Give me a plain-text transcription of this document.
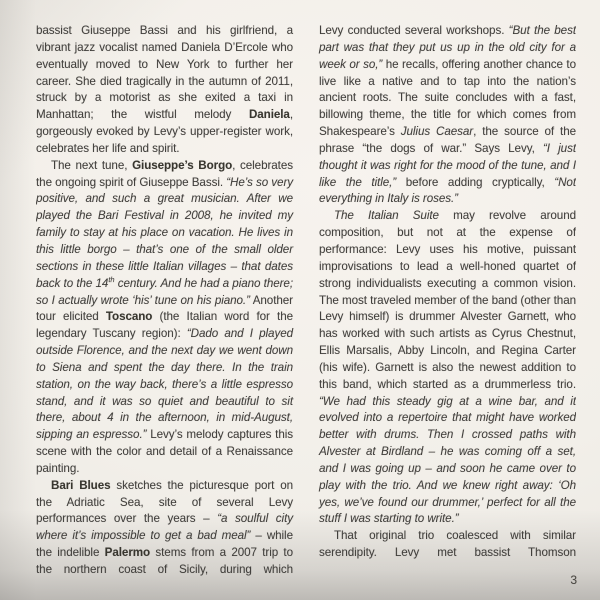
bassist Giuseppe Bassi and his girlfriend, a vibrant jazz vocalist named Daniela D’Ercole who eventually moved to New York to further her career. She died tragically in the autumn of 2011, struck by a motorist as she exited a taxi in Manhattan; the wistful melody Daniela, gorgeously evoked by Levy’s upper-register work, celebrates her life and spirit.

The next tune, Giuseppe’s Borgo, celebrates the ongoing spirit of Giuseppe Bassi. “He’s so very positive, and such a great musician. After we played the Bari Festival in 2008, he invited my family to stay at his place on vacation. He lives in this little borgo – that’s one of the small older sections in these little Italian villages – that dates back to the 14th century. And he had a piano there; so I actually wrote ‘his’ tune on his piano.” Another tour elicited Toscano (the Italian word for the legendary Tuscany region): “Dado and I played outside Florence, and the next day we went down to Siena and spent the day there. In the train station, on the way back, there’s a little espresso stand, and it was so quiet and beautiful to sit there, about 4 in the afternoon, in mid-August, sipping an espresso.” Levy’s melody captures this scene with the color and detail of a Renaissance painting.

Bari Blues sketches the picturesque port on the Adriatic Sea, site of several Levy performances over the years – “a soulful city where it’s impossible to get a bad meal” – while the indelible Palermo stems from a 2007 trip to the northern coast of Sicily, during which

Levy conducted several workshops. “But the best part was that they put us up in the old city for a week or so,” he recalls, offering another chance to live like a native and to tap into the nation’s ancient roots. The suite concludes with a fast, billowing theme, the title for which comes from Shakespeare’s Julius Caesar, the source of the phrase “the dogs of war.” Says Levy, “I just thought it was right for the mood of the tune, and I like the title,” before adding cryptically, “Not everything in Italy is roses.”

The Italian Suite may revolve around composition, but not at the expense of performance: Levy uses his motive, puissant improvisations to lead a well-honed quartet of strong individualists executing a common vision. The most traveled member of the band (other than Levy himself) is drummer Alvester Garnett, who has worked with such artists as Cyrus Chestnut, Ellis Marsalis, Abby Lincoln, and Regina Carter (his wife). Garnett is also the newest addition to this band, which started as a drummerless trio. “We had this steady gig at a wine bar, and it evolved into a repertoire that might have worked better with drums. Then I crossed paths with Alvester at Birdland – he was coming off a set, and I was going up – and soon he came over to play with the trio. And we knew right away: ‘Oh yes, we’ve found our drummer,’ perfect for all the stuff I was starting to write.”

That original trio coalesced with similar serendipity. Levy met bassist Thomson

3
